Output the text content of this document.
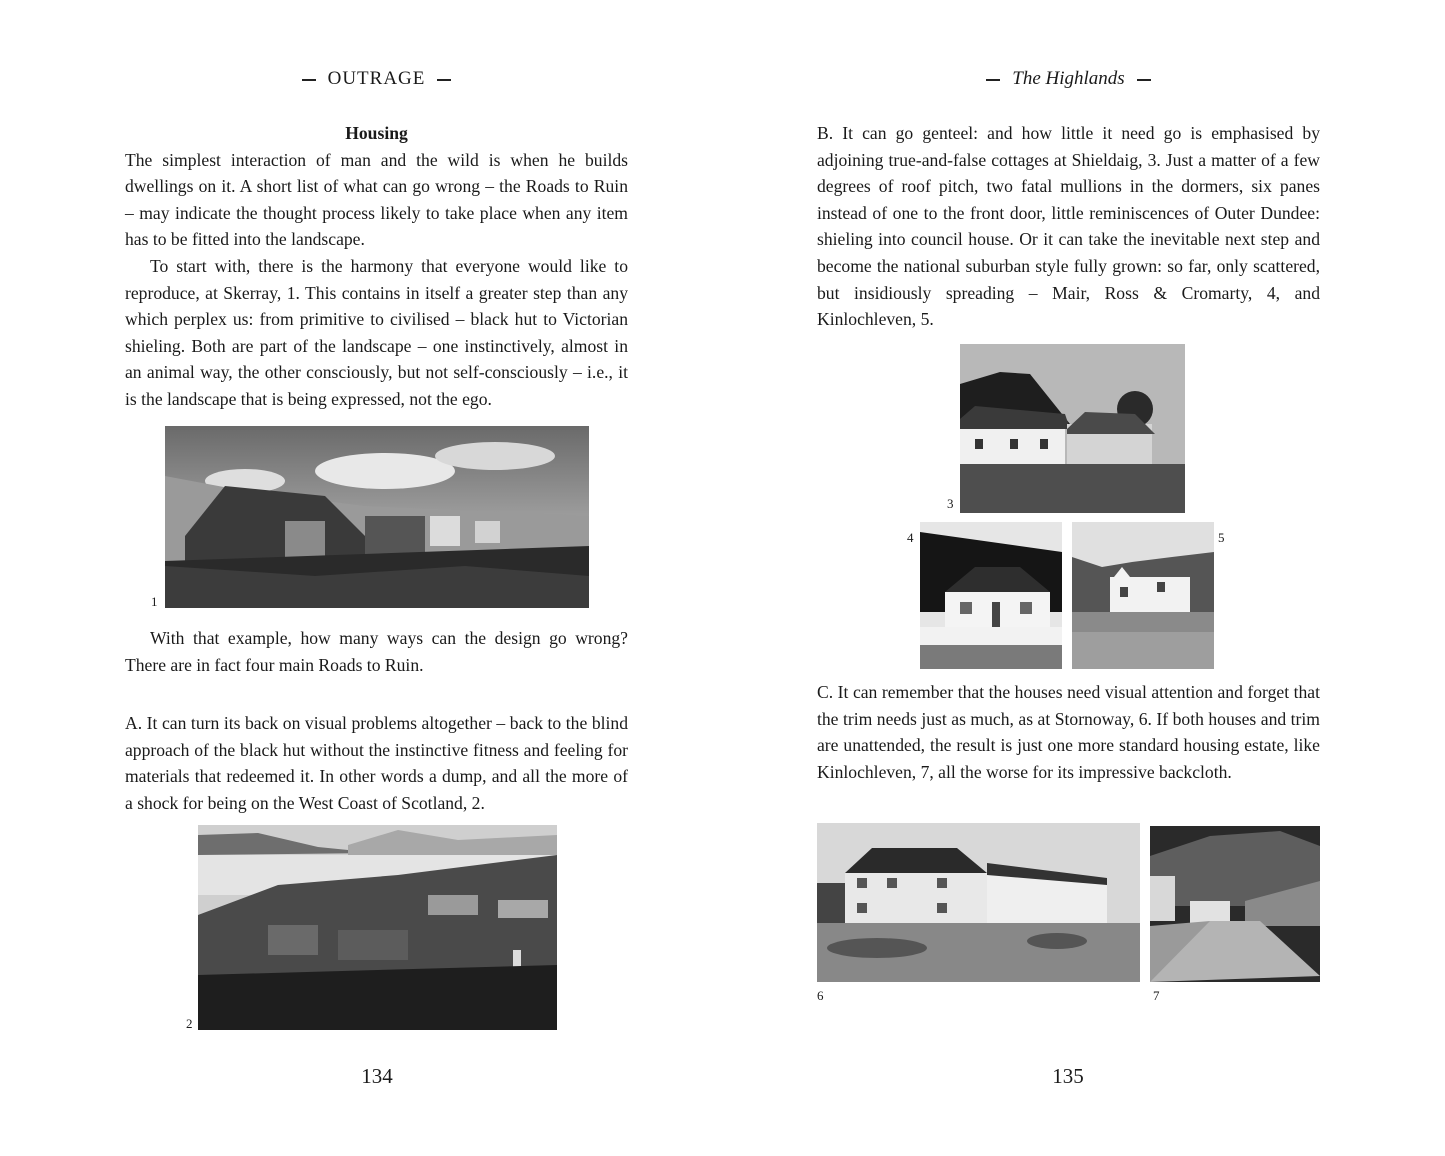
OUTRAGE

Housing

The simplest interaction of man and the wild is when he builds dwellings on it. A short list of what can go wrong – the Roads to Ruin – may indicate the thought process likely to take place when any item has to be fitted into the landscape.

To start with, there is the harmony that everyone would like to reproduce, at Skerray, 1. This contains in itself a greater step than any which perplex us: from primitive to civilised – black hut to Victorian shieling. Both are part of the landscape – one instinctively, almost in an animal way, the other consciously, but not self-consciously – i.e., it is the landscape that is being expressed, not the ego.

1

With that example, how many ways can the design go wrong? There are in fact four main Roads to Ruin.

A. It can turn its back on visual problems altogether – back to the blind approach of the black hut without the instinctive fitness and feeling for materials that redeemed it. In other words a dump, and all the more of a shock for being on the West Coast of Scotland, 2.

2
134
The Highlands

B. It can go genteel: and how little it need go is emphasised by adjoining true-and-false cottages at Shieldaig, 3. Just a matter of a few degrees of roof pitch, two fatal mullions in the dormers, six panes instead of one to the front door, little reminiscences of Outer Dundee: shieling into council house. Or it can take the inevitable next step and become the national suburban style fully grown: so far, only scattered, but insidiously spreading – Mair, Ross & Cromarty, 4, and Kinlochleven, 5.

3
4	5

C. It can remember that the houses need visual attention and forget that the trim needs just as much, as at Stornoway, 6. If both houses and trim are unattended, the result is just one more standard housing estate, like Kinlochleven, 7, all the worse for its impressive backcloth.

6	7
135
